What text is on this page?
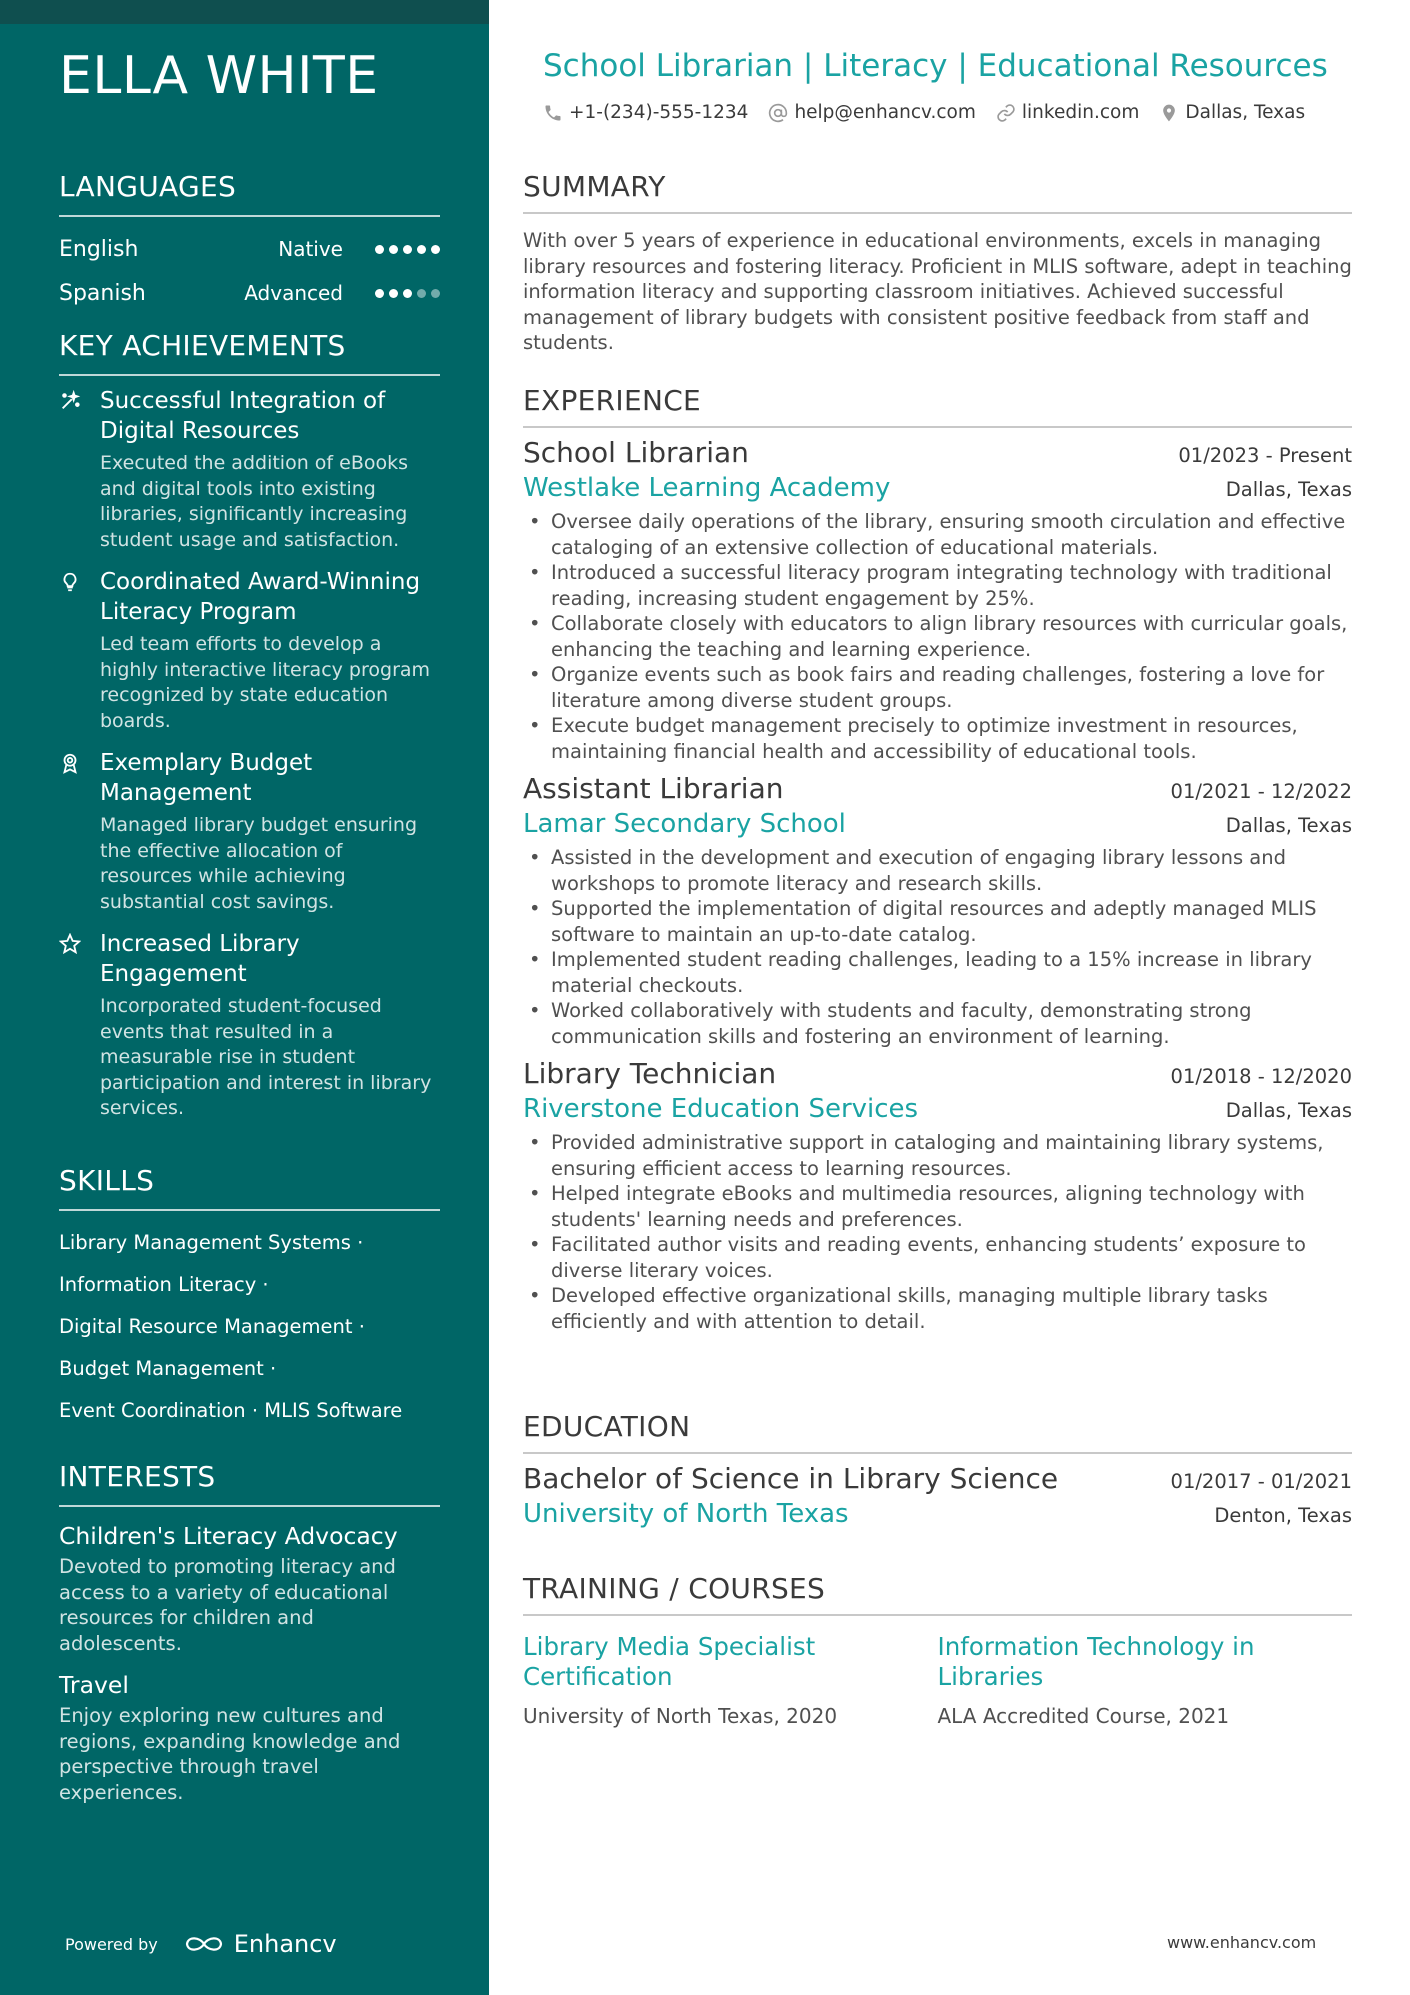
ELLA WHITE
LANGUAGES
English	Native
Spanish	Advanced
KEY ACHIEVEMENTS
Successful Integration of Digital Resources
Executed the addition of eBooks and digital tools into existing libraries, significantly increasing student usage and satisfaction.
Coordinated Award-Winning Literacy Program
Led team efforts to develop a highly interactive literacy program recognized by state education boards.
Exemplary Budget Management
Managed library budget ensuring the effective allocation of resources while achieving substantial cost savings.
Increased Library Engagement
Incorporated student-focused events that resulted in a measurable rise in student participation and interest in library services.
SKILLS
Library Management Systems ·
Information Literacy ·
Digital Resource Management ·
Budget Management ·
Event Coordination · MLIS Software
INTERESTS
Children's Literacy Advocacy
Devoted to promoting literacy and access to a variety of educational resources for children and adolescents.
Travel
Enjoy exploring new cultures and regions, expanding knowledge and perspective through travel experiences.
Powered by	Enhancv
School Librarian | Literacy | Educational Resources
+1-(234)-555-1234 help@enhancv.com linkedin.com Dallas, Texas
SUMMARY
With over 5 years of experience in educational environments, excels in managing library resources and fostering literacy. Proficient in MLIS software, adept in teaching information literacy and supporting classroom initiatives. Achieved successful management of library budgets with consistent positive feedback from staff and students.
EXPERIENCE
School Librarian	01/2023 - Present
Westlake Learning Academy	Dallas, Texas
• Oversee daily operations of the library, ensuring smooth circulation and effective cataloging of an extensive collection of educational materials.
• Introduced a successful literacy program integrating technology with traditional reading, increasing student engagement by 25%.
• Collaborate closely with educators to align library resources with curricular goals, enhancing the teaching and learning experience.
• Organize events such as book fairs and reading challenges, fostering a love for literature among diverse student groups.
• Execute budget management precisely to optimize investment in resources, maintaining financial health and accessibility of educational tools.
Assistant Librarian	01/2021 - 12/2022
Lamar Secondary School	Dallas, Texas
• Assisted in the development and execution of engaging library lessons and workshops to promote literacy and research skills.
• Supported the implementation of digital resources and adeptly managed MLIS software to maintain an up-to-date catalog.
• Implemented student reading challenges, leading to a 15% increase in library material checkouts.
• Worked collaboratively with students and faculty, demonstrating strong communication skills and fostering an environment of learning.
Library Technician	01/2018 - 12/2020
Riverstone Education Services	Dallas, Texas
• Provided administrative support in cataloging and maintaining library systems, ensuring efficient access to learning resources.
• Helped integrate eBooks and multimedia resources, aligning technology with students' learning needs and preferences.
• Facilitated author visits and reading events, enhancing students’ exposure to diverse literary voices.
• Developed effective organizational skills, managing multiple library tasks efficiently and with attention to detail.
EDUCATION
Bachelor of Science in Library Science	01/2017 - 01/2021
University of North Texas	Denton, Texas
TRAINING / COURSES
Library Media Specialist Certification
University of North Texas, 2020
Information Technology in Libraries
ALA Accredited Course, 2021
www.enhancv.com
